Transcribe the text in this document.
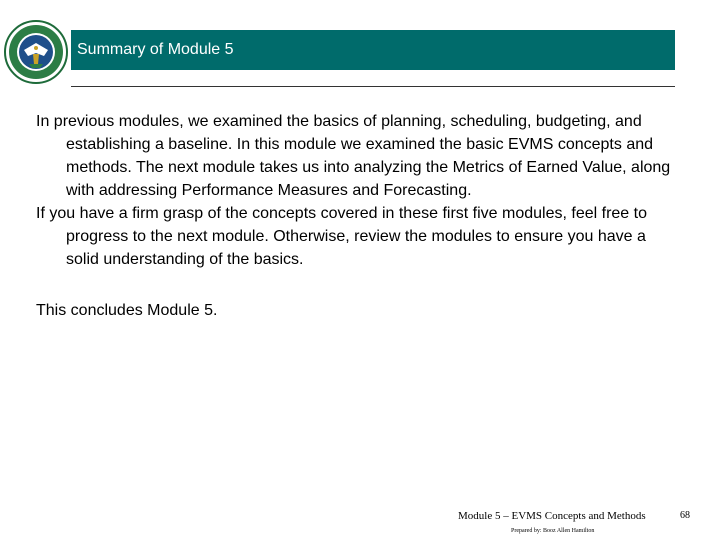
Summary of Module 5

In previous modules, we examined the basics of planning, scheduling, budgeting, and establishing a baseline. In this module we examined the basic EVMS concepts and methods. The next module takes us into analyzing the Metrics of Earned Value, along with addressing Performance Measures and Forecasting.

If you have a firm grasp of the concepts covered in these first five modules, feel free to progress to the next module. Otherwise, review the modules to ensure you have a solid understanding of the basics.

This concludes Module 5.

Module 5 – EVMS Concepts and Methods	68
Prepared by: Booz Allen Hamilton
